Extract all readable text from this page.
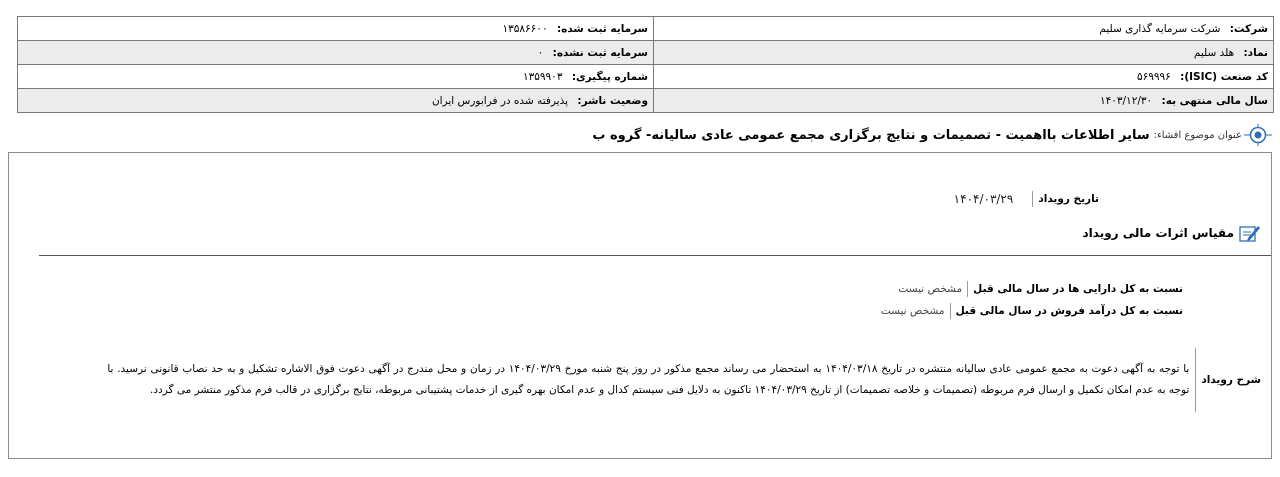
شرکت: شرکت سرمایه گذاری سلیم	سرمایه ثبت شده: ۱۳۵۸۶۶۰۰
نماد: هلد سلیم	سرمایه ثبت نشده: ۰
کد صنعت (ISIC): ۵۶۹۹۹۶	شماره پیگیری: ۱۳۵۹۹۰۳
سال مالی منتهی به: ۱۴۰۳/۱۲/۳۰	وضعیت ناشر: پذیرفته شده در فرابورس ایران
عنوان موضوع افشاء:
سایر اطلاعات بااهمیت - تصمیمات و نتایج برگزاری مجمع عمومی عادی سالیانه- گروه ب
تاریخ رویداد
۱۴۰۴/۰۳/۲۹
مقیاس اثرات مالی رویداد
نسبت به کل دارایی ها در سال مالی قبل
مشخص نیست
نسبت به کل درآمد فروش در سال مالی قبل
مشخص نیست
شرح رویداد
با توجه به آگهی دعوت به مجمع عمومی عادی سالیانه منتشره در تاریخ ۱۴۰۴/۰۳/۱۸ به استحضار می رساند مجمع مذکور در روز پنج شنبه مورخ ۱۴۰۴/۰۳/۲۹ در زمان و محل مندرج در آگهی دعوت فوق الاشاره تشکیل و به حد نصاب قانونی نرسید. با توجه به عدم امکان تکمیل و ارسال فرم مربوطه (تصمیمات و خلاصه تصمیمات) از تاریخ ۱۴۰۴/۰۳/۲۹ تاکنون به دلایل فنی سیستم کدال و عدم امکان بهره گیری از خدمات پشتیبانی مربوطه، نتایج برگزاری در قالب فرم مذکور منتشر می گردد.
